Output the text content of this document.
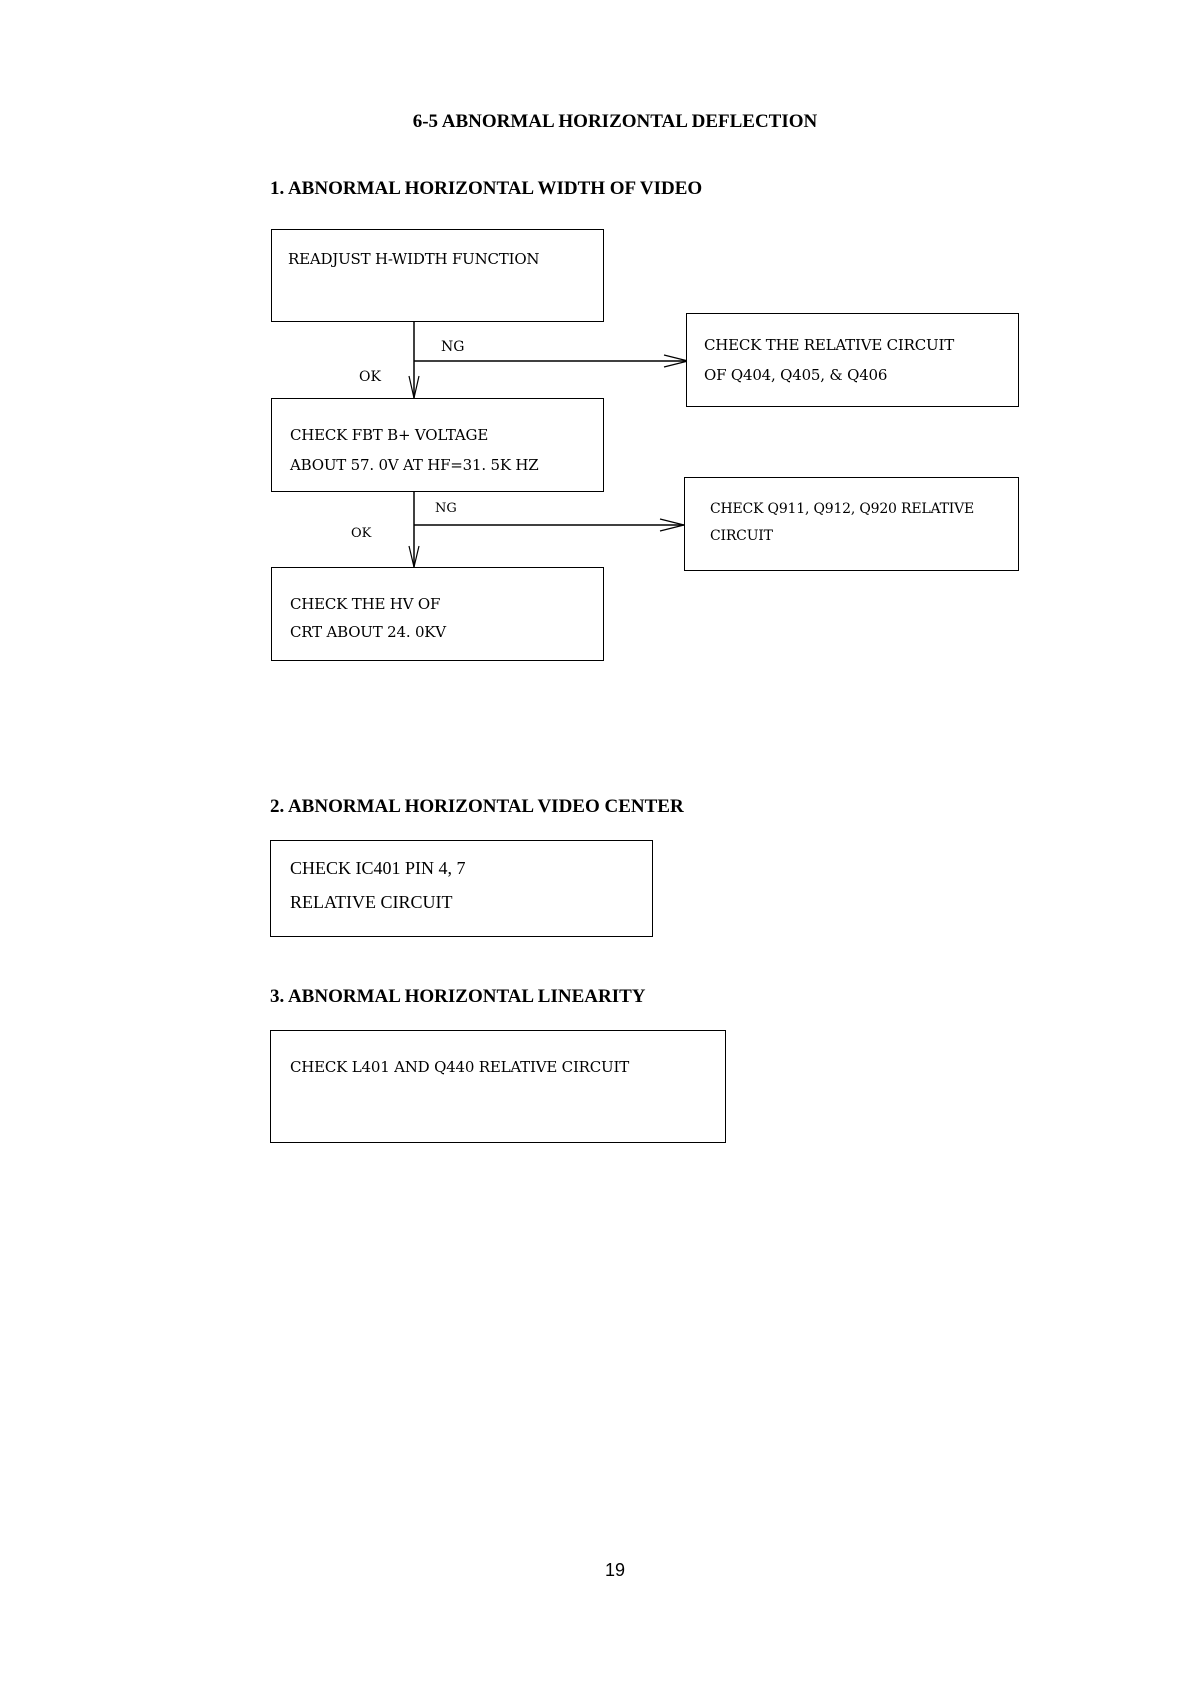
6-5 ABNORMAL HORIZONTAL DEFLECTION
1. ABNORMAL HORIZONTAL WIDTH OF VIDEO
READJUST H-WIDTH FUNCTION
NG
OK
CHECK THE RELATIVE CIRCUIT
OF Q404, Q405, & Q406
CHECK FBT B+ VOLTAGE
ABOUT 57. 0V AT HF=31. 5K HZ
NG
OK
CHECK Q911, Q912, Q920 RELATIVE
CIRCUIT
CHECK THE HV OF
CRT ABOUT 24. 0KV
2. ABNORMAL HORIZONTAL VIDEO CENTER
CHECK IC401 PIN 4, 7
RELATIVE CIRCUIT
3. ABNORMAL HORIZONTAL LINEARITY
CHECK L401 AND Q440 RELATIVE CIRCUIT
19
